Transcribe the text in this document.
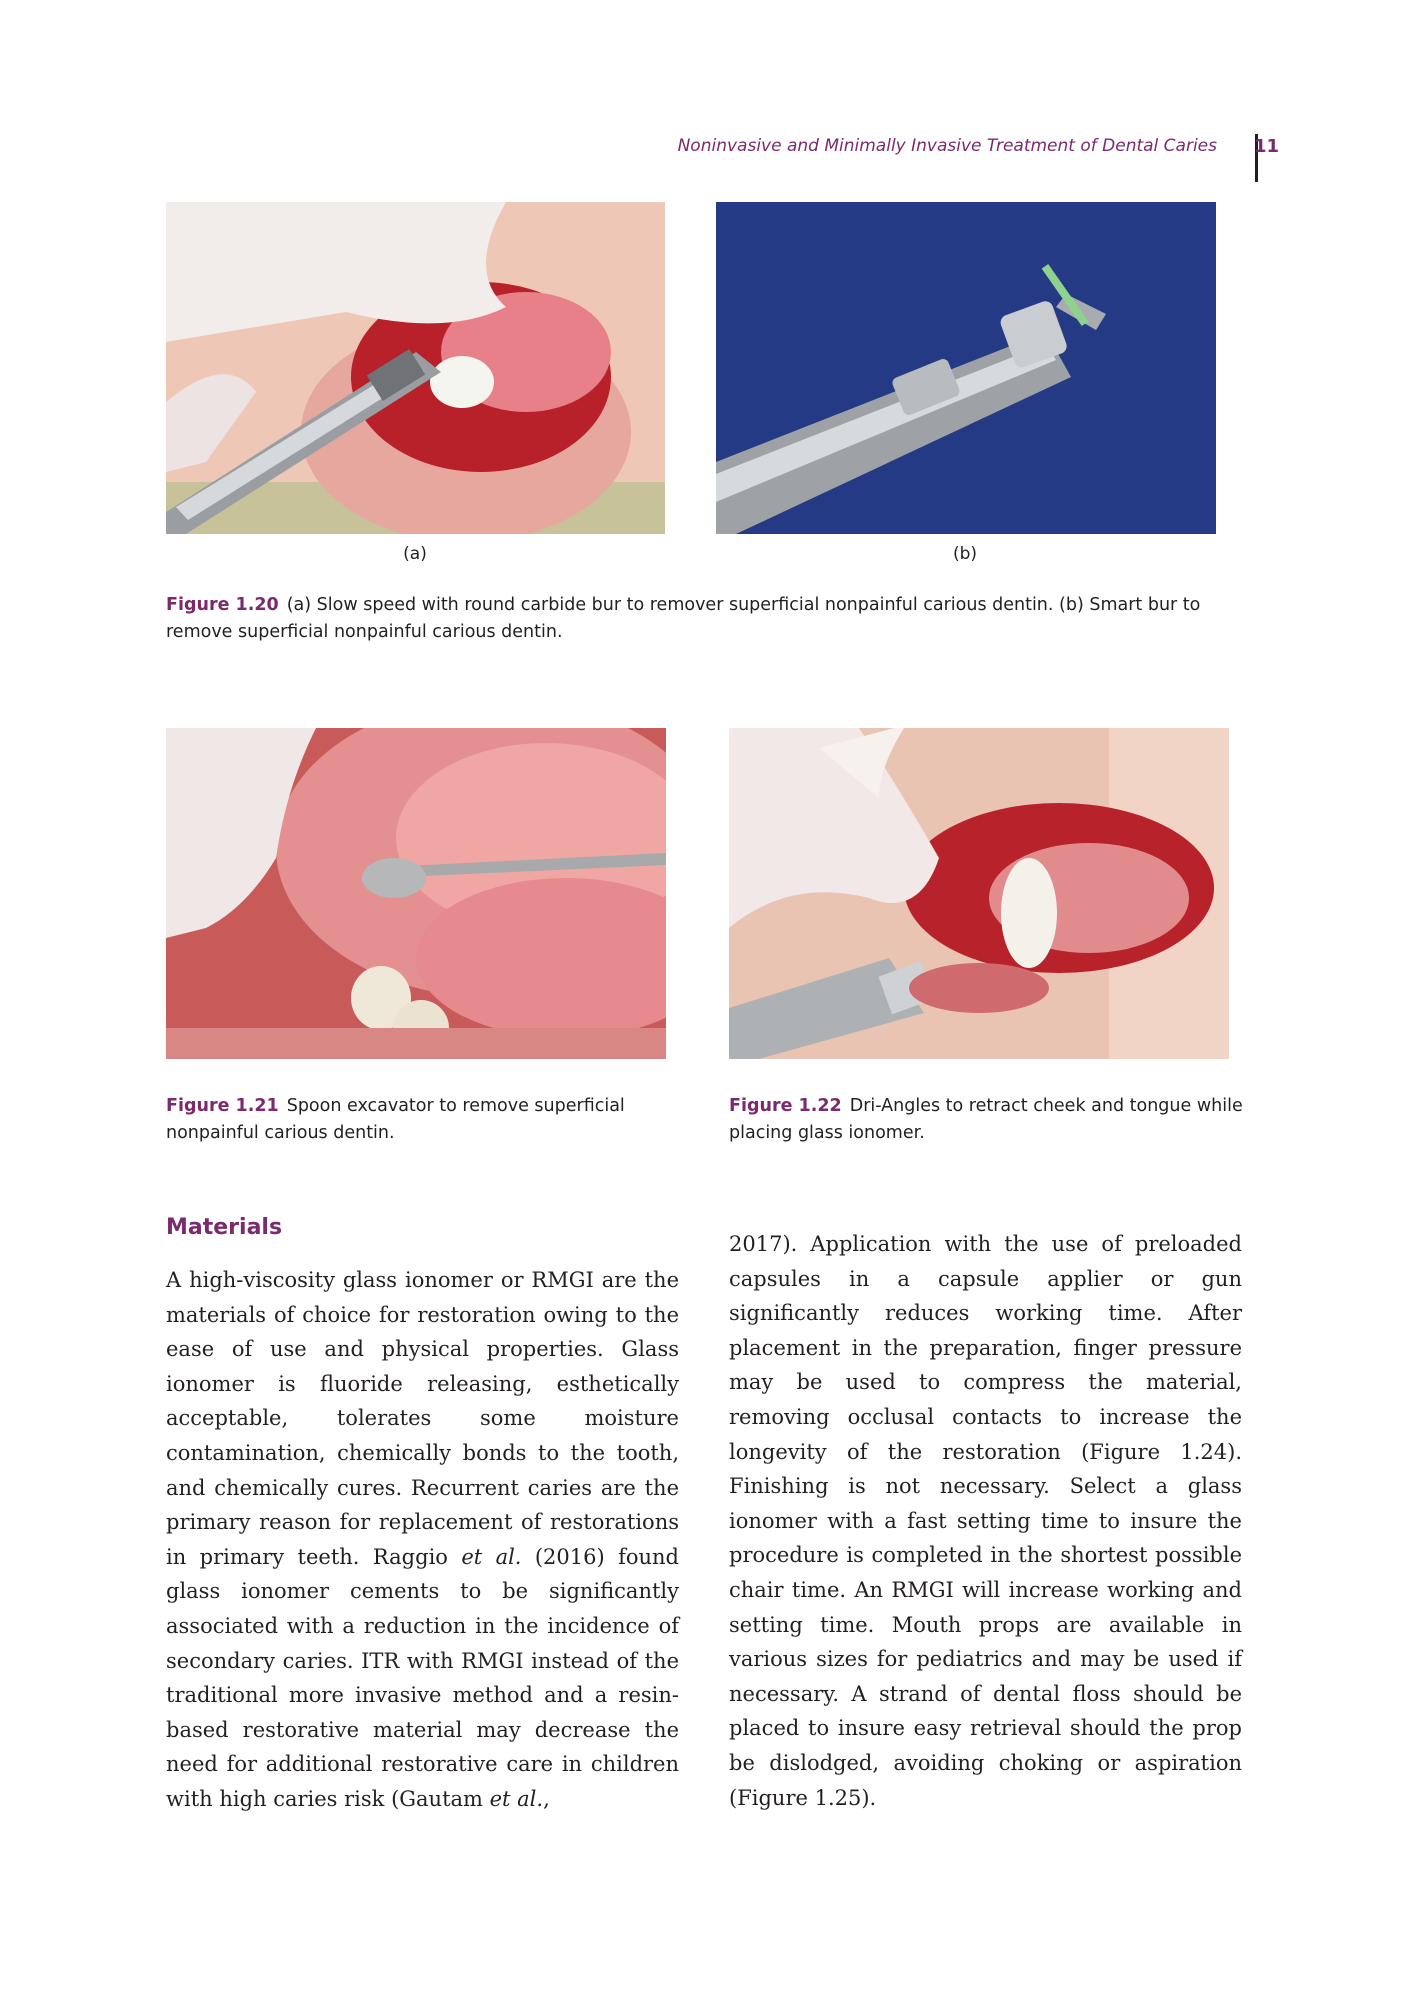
Noninvasive and Minimally Invasive Treatment of Dental Caries 11
(a)	(b)
Figure 1.20 (a) Slow speed with round carbide bur to remover superficial nonpainful carious dentin. (b) Smart bur to remove superficial nonpainful carious dentin.
Figure 1.21 Spoon excavator to remove superficial nonpainful carious dentin.
Figure 1.22 Dri-Angles to retract cheek and tongue while placing glass ionomer.
Materials

A high-viscosity glass ionomer or RMGI are the materials of choice for restoration owing to the ease of use and physical properties. Glass ionomer is fluoride releasing, esthetically acceptable, tolerates some moisture contamination, chemically bonds to the tooth, and chemically cures. Recurrent caries are the primary reason for replacement of restorations in primary teeth. Raggio et al. (2016) found glass ionomer cements to be significantly associated with a reduction in the incidence of secondary caries. ITR with RMGI instead of the traditional more invasive method and a resin-based restorative material may decrease the need for additional restorative care in children with high caries risk (Gautam et al.,

2017). Application with the use of preloaded capsules in a capsule applier or gun significantly reduces working time. After placement in the preparation, finger pressure may be used to compress the material, removing occlusal contacts to increase the longevity of the restoration (Figure 1.24). Finishing is not necessary. Select a glass ionomer with a fast setting time to insure the procedure is completed in the shortest possible chair time. An RMGI will increase working and setting time. Mouth props are available in various sizes for pediatrics and may be used if necessary. A strand of dental floss should be placed to insure easy retrieval should the prop be dislodged, avoiding choking or aspiration (Figure 1.25).
